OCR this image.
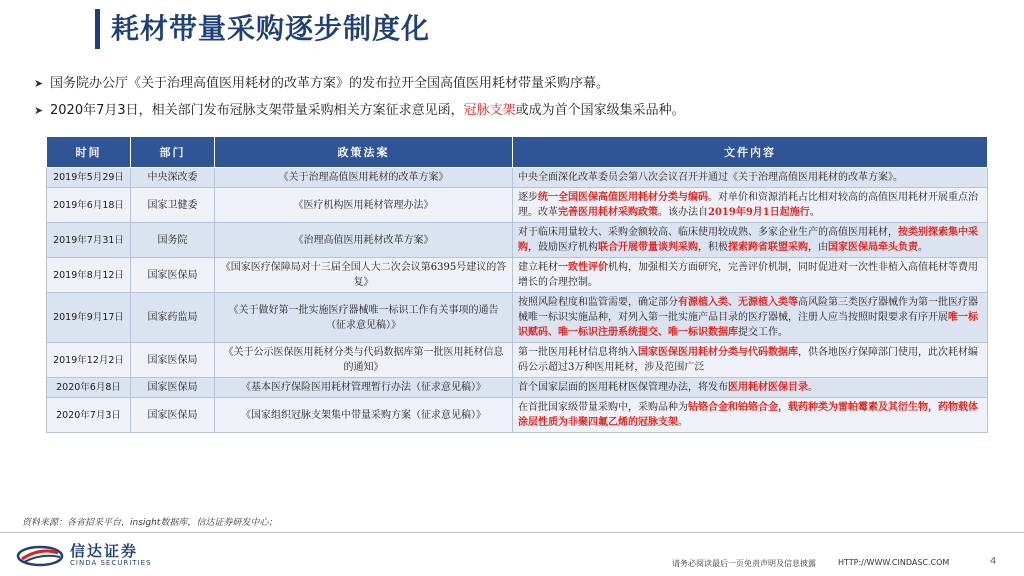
耗材带量采购逐步制度化
➤ 国务院办公厅《关于治理高值医用耗材的改革方案》的发布拉开全国高值医用耗材带量采购序幕。
➤ 2020年7月3日，相关部门发布冠脉支架带量采购相关方案征求意见函，冠脉支架或成为首个国家级集采品种。
时间	部门	政策法案	文件内容
2019年5月29日	中央深改委	《关于治理高值医用耗材的改革方案》	中央全面深化改革委员会第八次会议召开并通过《关于治理高值医用耗材的改革方案》。
2019年6月18日	国家卫健委	《医疗机构医用耗材管理办法》	逐步统一全国医保高值医用耗材分类与编码。对单价和资源消耗占比相对较高的高值医用耗材开展重点治理。改革完善医用耗材采购政策。该办法自2019年9月1日起施行。
2019年7月31日	国务院	《治理高值医用耗材改革方案》	对于临床用量较大、采购金额较高、临床使用较成熟、多家企业生产的高值医用耗材，按类别探索集中采购，鼓励医疗机构联合开展带量谈判采购，积极探索跨省联盟采购，由国家医保局牵头负责。
2019年8月12日	国家医保局	《国家医疗保障局对十三届全国人大二次会议第6395号建议的答复》	建立耗材一致性评价机构，加强相关方面研究，完善评价机制，同时促进对一次性非植入高值耗材等费用增长的合理控制。
2019年9月17日	国家药监局	《关于做好第一批实施医疗器械唯一标识工作有关事项的通告（征求意见稿）》	按照风险程度和监管需要，确定部分有源植入类、无源植入类等高风险第三类医疗器械作为第一批医疗器械唯一标识实施品种，对列入第一批实施产品目录的医疗器械，注册人应当按照时限要求有序开展唯一标识赋码、唯一标识注册系统提交、唯一标识数据库提交工作。
2019年12月2日	国家医保局	《关于公示医保医用耗材分类与代码数据库第一批医用耗材信息的通知》	第一批医用耗材信息将纳入国家医保医用耗材分类与代码数据库，供各地医疗保障部门使用，此次耗材编码公示超过3万种医用耗材，涉及范围广泛
2020年6月8日	国家医保局	《基本医疗保险医用耗材管理暂行办法（征求意见稿）》	首个国家层面的医用耗材医保管理办法，将发布医用耗材医保目录。
2020年7月3日	国家医保局	《国家组织冠脉支架集中带量采购方案（征求意见稿）》	在首批国家级带量采购中，采购品种为钴铬合金和铂铬合金，载药种类为雷帕霉素及其衍生物，药物载体涂层性质为非聚四氟乙烯的冠脉支架。
资料来源：各省招采平台，insight数据库，信达证券研发中心；
信达证券
CINDA SECURITIES	请务必阅读最后一页免责声明及信息披露	HTTP://WWW.CINDASC.COM	4
